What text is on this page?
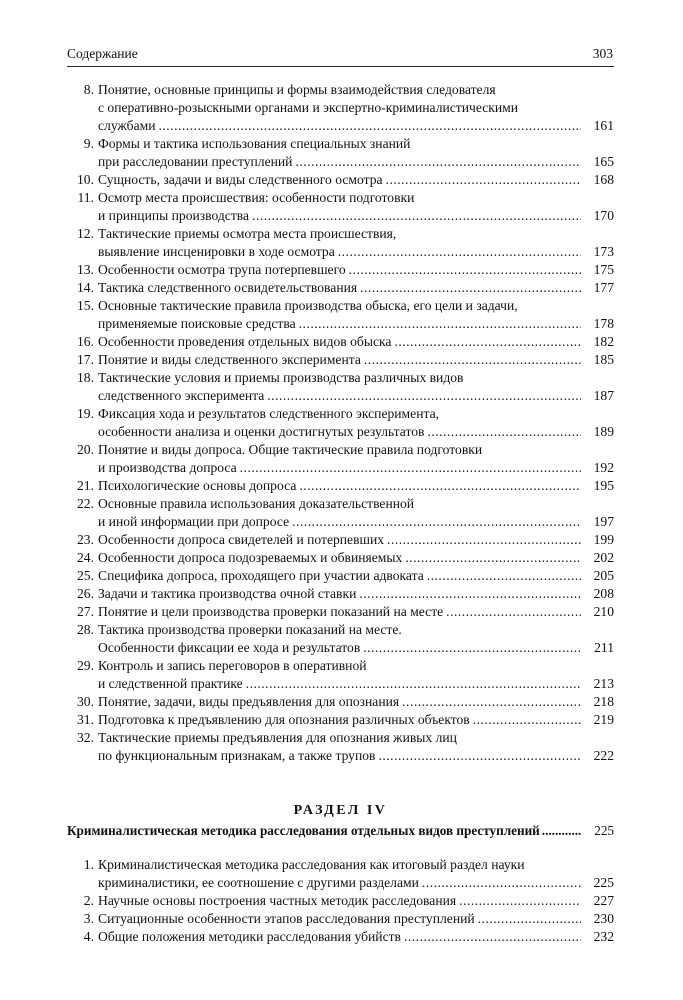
Содержание	303
8. Понятие, основные принципы и формы взаимодействия следователя
с оперативно-розыскными органами и экспертно-криминалистическими
службами .....	161
9. Формы и тактика использования специальных знаний
при расследовании преступлений .....	165
10. Сущность, задачи и виды следственного осмотра .....	168
11. Осмотр места происшествия: особенности подготовки
и принципы производства .....	170
12. Тактические приемы осмотра места происшествия,
выявление инсценировки в ходе осмотра .....	173
13. Особенности осмотра трупа потерпевшего .....	175
14. Тактика следственного освидетельствования .....	177
15. Основные тактические правила производства обыска, его цели и задачи,
применяемые поисковые средства .....	178
16. Особенности проведения отдельных видов обыска .....	182
17. Понятие и виды следственного эксперимента .....	185
18. Тактические условия и приемы производства различных видов
следственного эксперимента .....	187
19. Фиксация хода и результатов следственного эксперимента,
особенности анализа и оценки достигнутых результатов .....	189
20. Понятие и виды допроса. Общие тактические правила подготовки
и производства допроса .....	192
21. Психологические основы допроса .....	195
22. Основные правила использования доказательственной
и иной информации при допросе .....	197
23. Особенности допроса свидетелей и потерпевших .....	199
24. Особенности допроса подозреваемых и обвиняемых .....	202
25. Специфика допроса, проходящего при участии адвоката .....	205
26. Задачи и тактика производства очной ставки .....	208
27. Понятие и цели производства проверки показаний на месте .....	210
28. Тактика производства проверки показаний на месте.
Особенности фиксации ее хода и результатов .....	211
29. Контроль и запись переговоров в оперативной
и следственной практике .....	213
30. Понятие, задачи, виды предъявления для опознания .....	218
31. Подготовка к предъявлению для опознания различных объектов .....	219
32. Тактические приемы предъявления для опознания живых лиц
по функциональным признакам, а также трупов .....	222
РАЗДЕЛ IV
Криминалистическая методика расследования отдельных видов преступлений .....	225
1. Криминалистическая методика расследования как итоговый раздел науки
криминалистики, ее соотношение с другими разделами .....	225
2. Научные основы построения частных методик расследования .....	227
3. Ситуационные особенности этапов расследования преступлений .....	230
4. Общие положения методики расследования убийств .....	232
